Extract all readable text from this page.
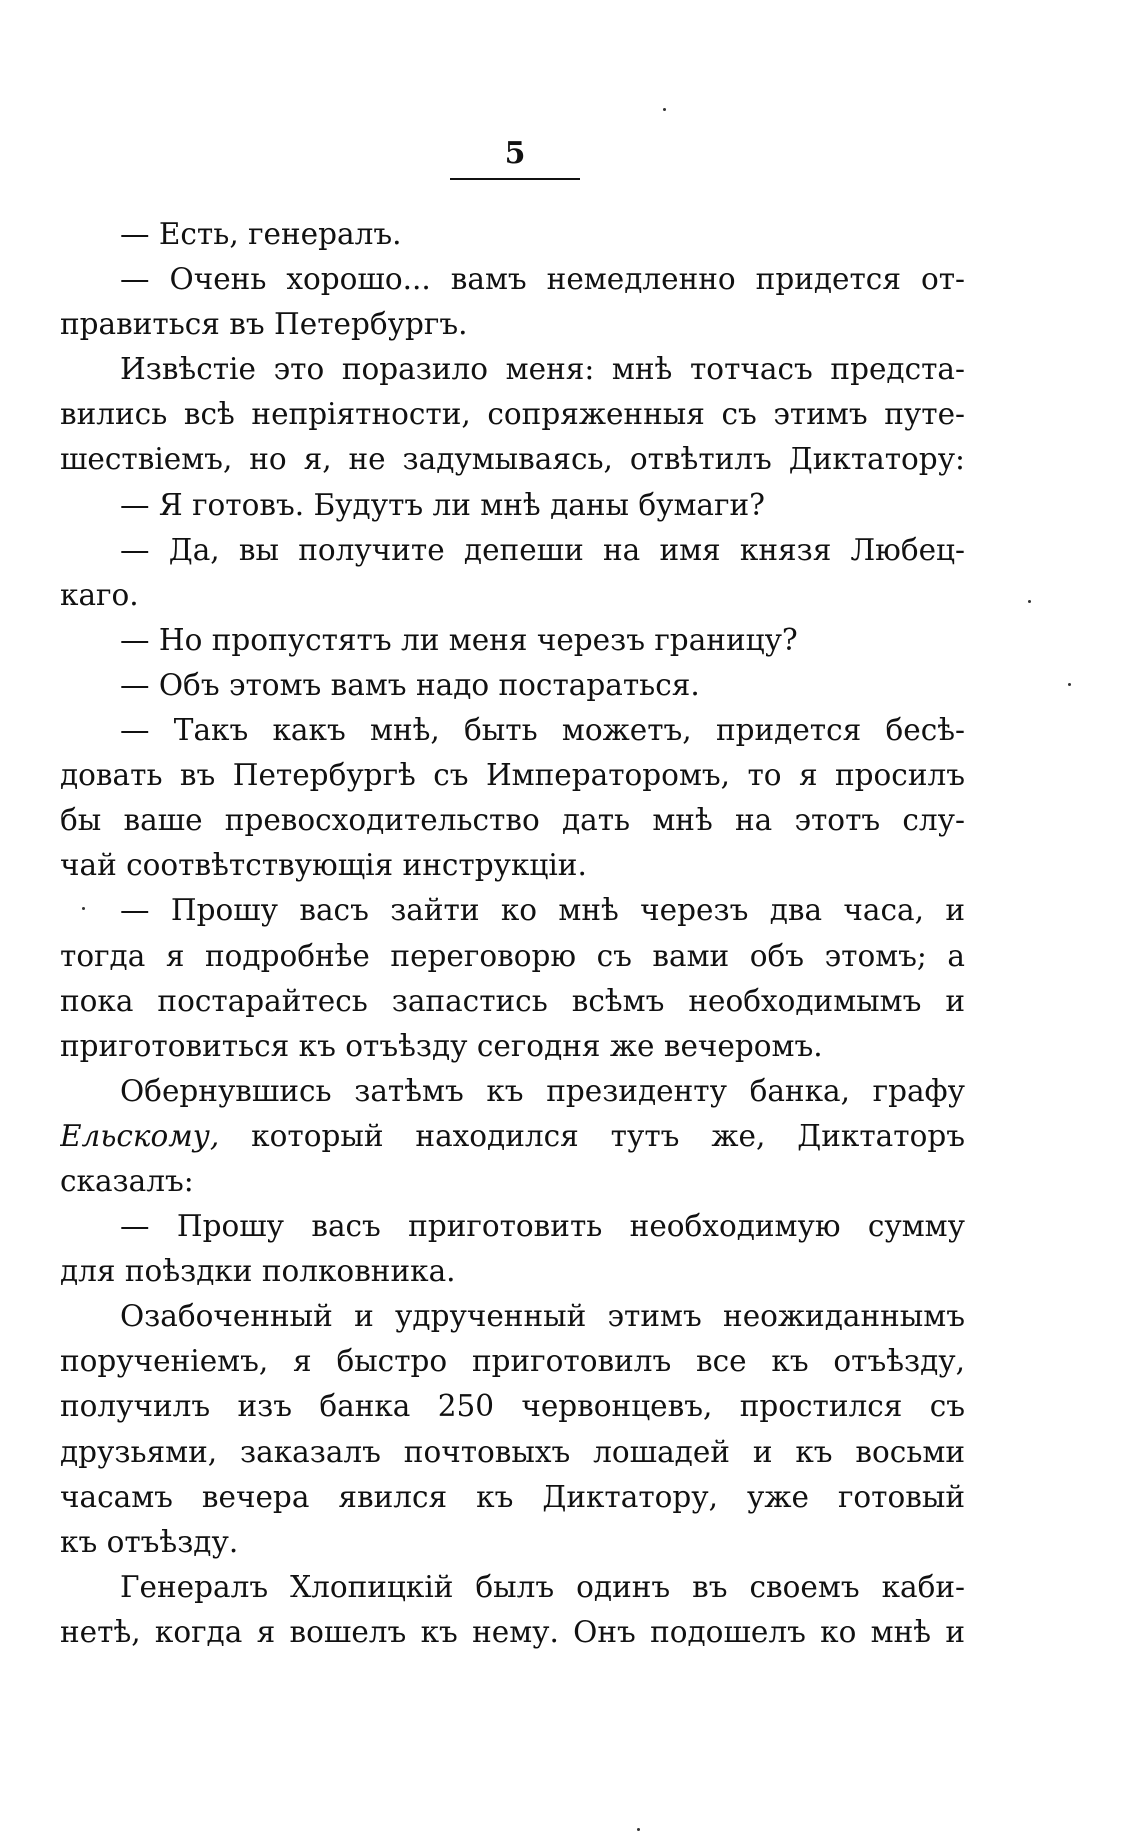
5
— Есть, генералъ.
— Очень хорошо... вамъ немедленно придется от-
правиться въ Петербургъ.
Извѣстіе это поразило меня: мнѣ тотчасъ предста-
вились всѣ непріятности, сопряженныя съ этимъ путе-
шествіемъ, но я, не задумываясь, отвѣтилъ Диктатору:
— Я готовъ. Будутъ ли мнѣ даны бумаги?
— Да, вы получите депеши на имя князя Любец-
каго.
— Но пропустятъ ли меня черезъ границу?
— Объ этомъ вамъ надо постараться.
— Такъ какъ мнѣ, быть можетъ, придется бесѣ-
довать въ Петербургѣ съ Императоромъ, то я просилъ
бы ваше превосходительство дать мнѣ на этотъ слу-
чай соотвѣтствующія инструкціи.
— Прошу васъ зайти ко мнѣ черезъ два часа, и
тогда я подробнѣе переговорю съ вами объ этомъ; а
пока постарайтесь запастись всѣмъ необходимымъ и
приготовиться къ отъѣзду сегодня же вечеромъ.
Обернувшись затѣмъ къ президенту банка, графу
Ельскому, который находился тутъ же, Диктаторъ
сказалъ:
— Прошу васъ приготовить необходимую сумму
для поѣздки полковника.
Озабоченный и удрученный этимъ неожиданнымъ
порученіемъ, я быстро приготовилъ все къ отъѣзду,
получилъ изъ банка 250 червонцевъ, простился съ
друзьями, заказалъ почтовыхъ лошадей и къ восьми
часамъ вечера явился къ Диктатору, уже готовый
къ отъѣзду.
Генералъ Хлопицкій былъ одинъ въ своемъ каби-
нетѣ, когда я вошелъ къ нему. Онъ подошелъ ко мнѣ и
